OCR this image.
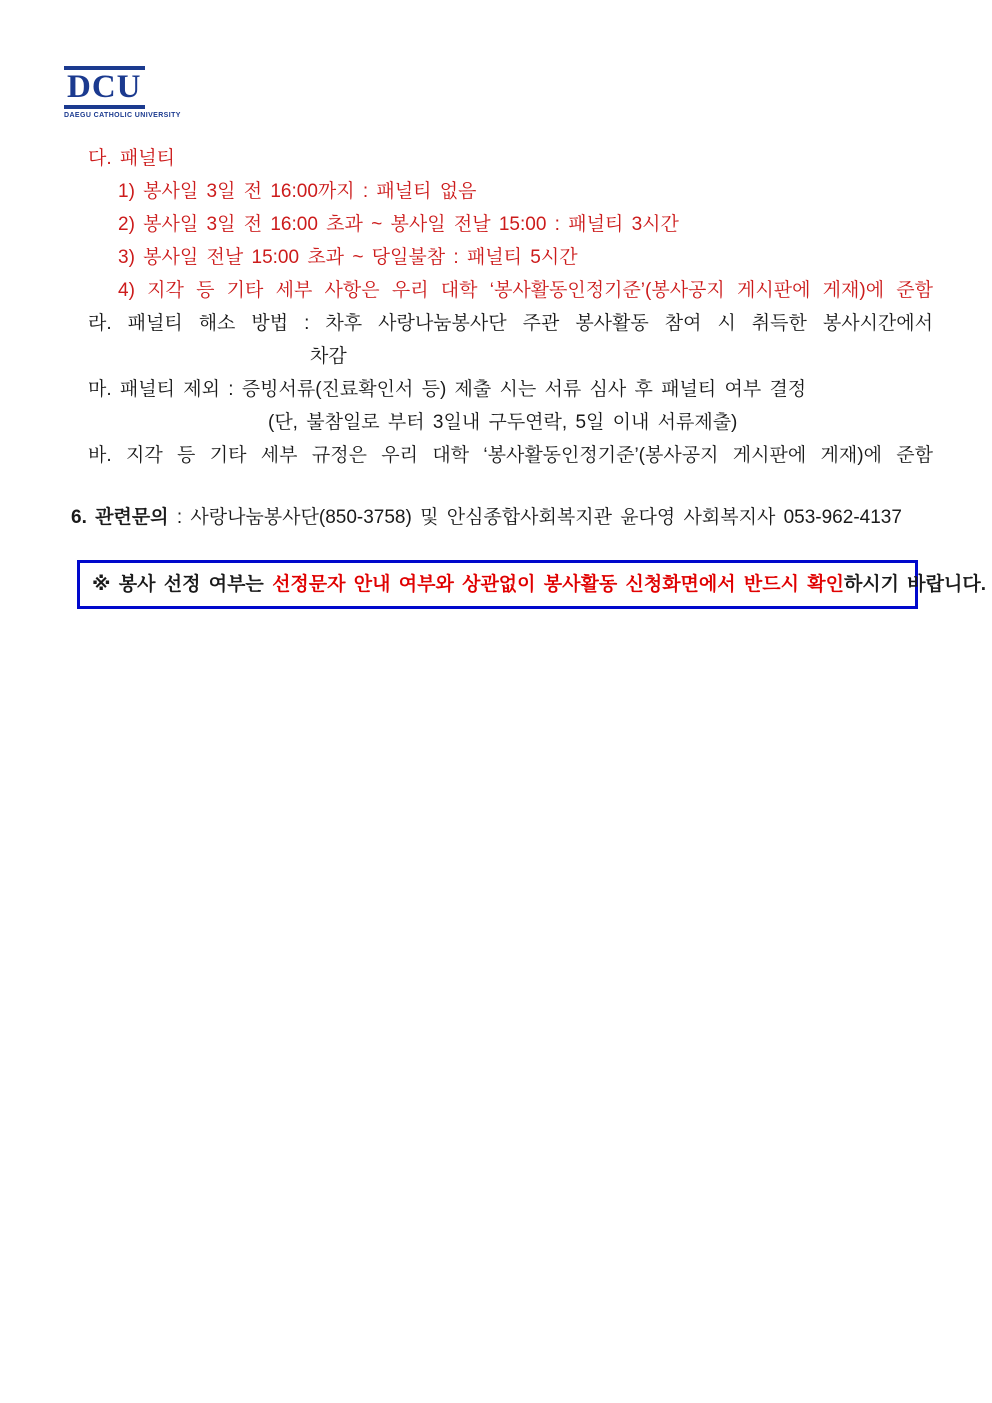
DCU
DAEGU CATHOLIC UNIVERSITY
다. 패널티
1) 봉사일 3일 전 16:00까지 : 패널티 없음
2) 봉사일 3일 전 16:00 초과 ~ 봉사일 전날 15:00 : 패널티 3시간
3) 봉사일 전날 15:00 초과 ~ 당일불참 : 패널티 5시간
4) 지각 등 기타 세부 사항은 우리 대학 ‘봉사활동인정기준’(봉사공지 게시판에 게재)에 준함
라. 패널티 해소 방법 : 차후 사랑나눔봉사단 주관 봉사활동 참여 시 취득한 봉사시간에서
차감
마. 패널티 제외 : 증빙서류(진료확인서 등) 제출 시는 서류 심사 후 패널티 여부 결정
(단, 불참일로 부터 3일내 구두연락, 5일 이내 서류제출)
바. 지각 등 기타 세부 규정은 우리 대학 ‘봉사활동인정기준’(봉사공지 게시판에 게재)에 준함
6. 관련문의 : 사랑나눔봉사단(850-3758) 및 안심종합사회복지관 윤다영 사회복지사 053-962-4137
※ 봉사 선정 여부는 선정문자 안내 여부와 상관없이 봉사활동 신청화면에서 반드시 확인하시기 바랍니다.
